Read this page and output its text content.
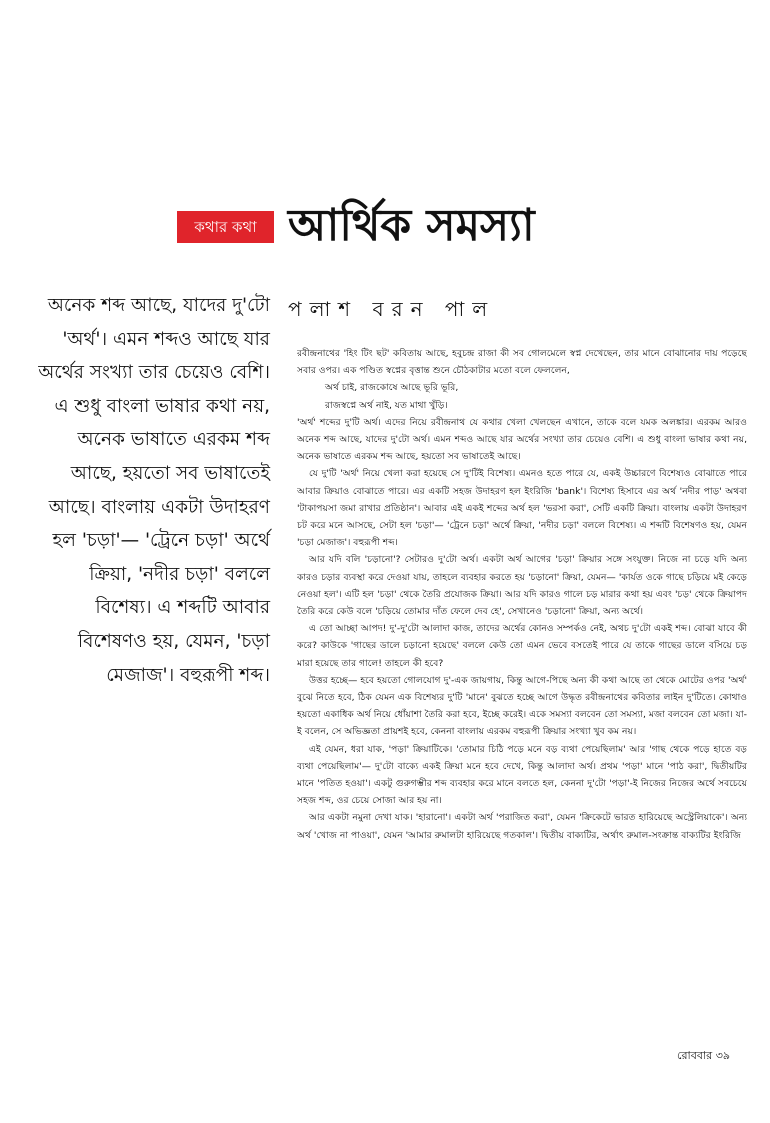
কথার কথা আর্থিক সমস্যা
পলাশ বরন পাল

অনেক শব্দ আছে, যাদের দু'টো 'অর্থ'। এমন শব্দও আছে যার অর্থের সংখ্যা তার চেয়েও বেশি। এ শুধু বাংলা ভাষার কথা নয়, অনেক ভাষাতে এরকম শব্দ আছে, হয়তো সব ভাষাতেই আছে। বাংলায় একটা উদাহরণ হল 'চড়া'— 'ট্রেনে চড়া' অর্থে ক্রিয়া, 'নদীর চড়া' বললে বিশেষ্য। এ শব্দটি আবার বিশেষণও হয়, যেমন, 'চড়া মেজাজ'। বহুরূপী শব্দ।

রবীন্দ্রনাথের 'হিং টিং ছট' কবিতায় আছে, হবুচন্দ্র রাজা কী সব গোলমেলে স্বপ্ন দেখেছেন, তার মানে বোঝানোর দায় পড়েছে সবার ওপর। এক পণ্ডিত স্বপ্নের বৃত্তান্ত শুনে চৌঠকাটার মতো বলে ফেললেন,

অর্থ চাই, রাজকোষে আছে ভূরি ভূরি,
রাজস্বপ্নে অর্থ নাই, যত মাথা খুঁড়ি।

'অর্থ' শব্দের দু'টি অর্থ। এদের নিয়ে রবীন্দ্রনাথ যে কথার খেলা খেলছেন এখানে, তাকে বলে যমক অলঙ্কার। এরকম আরও অনেক শব্দ আছে, যাদের দু'টো অর্থ। এমন শব্দও আছে যার অর্থের সংখ্যা তার চেয়েও বেশি। এ শুধু বাংলা ভাষার কথা নয়, অনেক ভাষাতে এরকম শব্দ আছে, হয়তো সব ভাষাতেই আছে।

যে দু'টি 'অর্থ' নিয়ে খেলা করা হয়েছে সে দু'টিই বিশেষ্য। এমনও হতে পারে যে, একই উচ্চারণে বিশেষ্যও বোঝাতে পারে আবার ক্রিয়াও বোঝাতে পারে। এর একটি সহজ উদাহরণ হল ইংরিজি 'bank'। বিশেষ্য হিসাবে এর অর্থ 'নদীর পাড়' অথবা 'টাকাপয়সা জমা রাখার প্রতিষ্ঠান'। আবার এই একই শব্দের অর্থ হল 'ভরসা করা', সেটি একটি ক্রিয়া। বাংলায় একটা উদাহরণ চট করে মনে আসছে, সেটা হল 'চড়া'— 'ট্রেনে চড়া' অর্থে ক্রিয়া, 'নদীর চড়া' বললে বিশেষ্য। এ শব্দটি বিশেষণও হয়, যেমন 'চড়া মেজাজ'। বহুরূপী শব্দ।

আর যদি বলি 'চড়ানো'? সেটারও দু'টো অর্থ। একটা অর্থ আগের 'চড়া' ক্রিয়ার সঙ্গে সংযুক্ত। নিজে না চড়ে যদি অন্য কারও চড়ার ব্যবস্থা করে দেওয়া যায়, তাহলে ব্যবহার করতে হয় 'চড়ানো' ক্রিয়া, যেমন— 'কার্যত ওকে গাছে চড়িয়ে মই কেড়ে নেওয়া হল'। এটি হল 'চড়া' থেকে তৈরি প্রযোজক ক্রিয়া। আর যদি কারও গালে চড় মারার কথা হয় এবং 'চড়' থেকে ক্রিয়াপদ তৈরি করে কেউ বলে 'চড়িয়ে তোমার দাঁত ফেলে দেব হে', সেখানেও 'চড়ানো' ক্রিয়া, অন্য অর্থে।

এ তো আচ্ছা আপদ! দু'-দু'টো আলাদা কাজ, তাদের অর্থের কোনও সম্পর্কও নেই, অথচ দু'টো একই শব্দ। বোঝা যাবে কী করে? কাউকে 'গাছের ডালে চড়ানো হয়েছে' বললে কেউ তো এমন ভেবে বসতেই পারে যে তাকে গাছের ডালে বসিয়ে চড় মারা হয়েছে তার গালে! তাহলে কী হবে?

উত্তর হচ্ছে— হবে হয়তো গোলযোগ দু'-এক জায়গায়, কিন্তু আগে-পিছে অন্য কী কথা আছে তা থেকে মোটের ওপর 'অর্থ' বুঝে নিতে হবে, ঠিক যেমন এক বিশেষ্যর দু'টি 'মানে' বুঝতে হচ্ছে আগে উদ্ধৃত রবীন্দ্রনাথের কবিতার লাইন দু'টিতে। কোথাও হয়তো একাধিক অর্থ নিয়ে ধোঁয়াশা তৈরি করা হবে, ইচ্ছে করেই। একে সমস্যা বলবেন তো সমস্যা, মজা বলবেন তো মজা। যা-ই বলেন, সে অভিজ্ঞতা প্রায়শই হবে, কেননা বাংলায় এরকম বহুরূপী ক্রিয়ার সংখ্যা খুব কম নয়।

এই যেমন, ধরা যাক, 'পড়া' ক্রিয়াটিকে। 'তোমার চিঠি পড়ে মনে বড় ব্যথা পেয়েছিলাম' আর 'গাছ থেকে পড়ে হাতে বড় ব্যথা পেয়েছিলাম'— দু'টো বাক্যে একই ক্রিয়া মনে হবে দেখে, কিন্তু আলাদা অর্থ। প্রথম 'পড়া' মানে 'পাঠ করা', দ্বিতীয়টির মানে 'পতিত হওয়া'। একটু গুরুগম্ভীর শব্দ ব্যবহার করে মানে বলতে হল, কেননা দু'টো 'পড়া'-ই নিজের নিজের অর্থে সবচেয়ে সহজ শব্দ, ওর চেয়ে সোজা আর হয় না।

আর একটা নমুনা দেখা যাক। 'হারানো'। একটা অর্থ 'পরাজিত করা', যেমন 'ক্রিকেটে ভারত হারিয়েছে অস্ট্রেলিয়াকে'। অন্য অর্থ 'খোজ না পাওয়া', যেমন 'আমার রুমালটা হারিয়েছে গতকাল'। দ্বিতীয় বাক্যটির, অর্থাৎ রুমাল-সংক্রান্ত বাক্যটির ইংরিজি

রোববার ৩৯
